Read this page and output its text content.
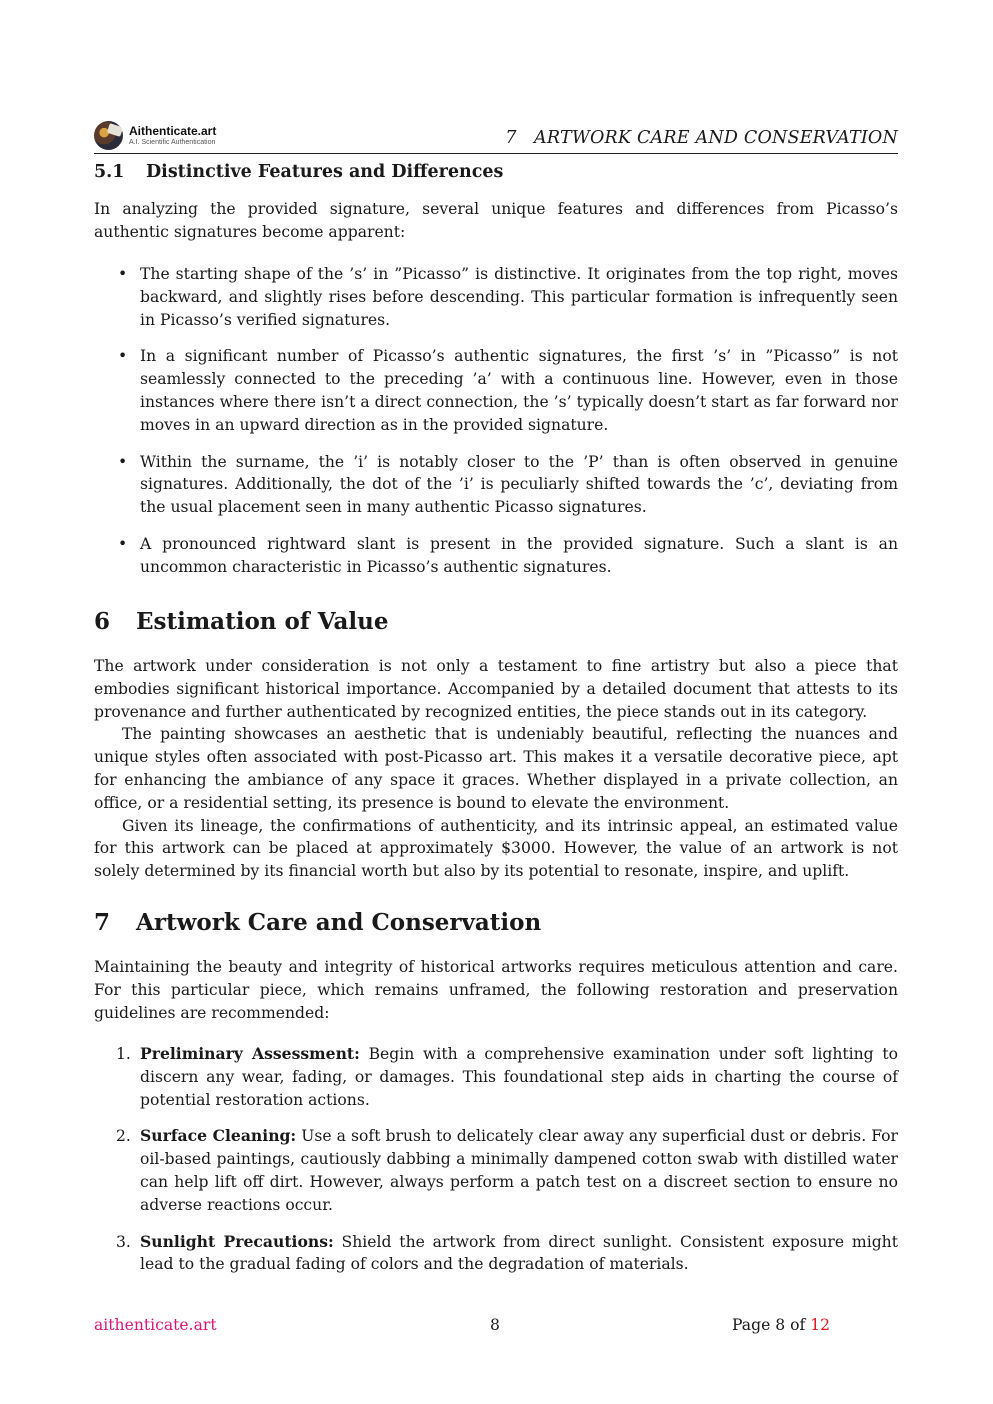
Aithenticate.art
A.I. Scientific Authentication	7   ARTWORK CARE AND CONSERVATION
5.1 Distinctive Features and Differences

In analyzing the provided signature, several unique features and differences from Picasso’s authentic signatures become apparent:

• The starting shape of the ’s’ in ”Picasso” is distinctive. It originates from the top right, moves backward, and slightly rises before descending. This particular formation is infrequently seen in Picasso’s verified signatures.
• In a significant number of Picasso’s authentic signatures, the first ’s’ in ”Picasso” is not seamlessly connected to the preceding ’a’ with a continuous line. However, even in those instances where there isn’t a direct connection, the ’s’ typically doesn’t start as far forward nor moves in an upward direction as in the provided signature.
• Within the surname, the ’i’ is notably closer to the ’P’ than is often observed in genuine signatures. Additionally, the dot of the ’i’ is peculiarly shifted towards the ’c’, deviating from the usual placement seen in many authentic Picasso signatures.
• A pronounced rightward slant is present in the provided signature. Such a slant is an uncommon characteristic in Picasso’s authentic signatures.
6 Estimation of Value

The artwork under consideration is not only a testament to fine artistry but also a piece that embodies significant historical importance. Accompanied by a detailed document that attests to its provenance and further authenticated by recognized entities, the piece stands out in its category.

The painting showcases an aesthetic that is undeniably beautiful, reflecting the nuances and unique styles often associated with post-Picasso art. This makes it a versatile decorative piece, apt for enhancing the ambiance of any space it graces. Whether displayed in a private collection, an office, or a residential setting, its presence is bound to elevate the environment.

Given its lineage, the confirmations of authenticity, and its intrinsic appeal, an estimated value for this artwork can be placed at approximately $3000. However, the value of an artwork is not solely determined by its financial worth but also by its potential to resonate, inspire, and uplift.

7 Artwork Care and Conservation

Maintaining the beauty and integrity of historical artworks requires meticulous attention and care. For this particular piece, which remains unframed, the following restoration and preservation guidelines are recommended:

1. Preliminary Assessment: Begin with a comprehensive examination under soft lighting to discern any wear, fading, or damages. This foundational step aids in charting the course of potential restoration actions.
2. Surface Cleaning: Use a soft brush to delicately clear away any superficial dust or debris. For oil-based paintings, cautiously dabbing a minimally dampened cotton swab with distilled water can help lift off dirt. However, always perform a patch test on a discreet section to ensure no adverse reactions occur.
3. Sunlight Precautions: Shield the artwork from direct sunlight. Consistent exposure might lead to the gradual fading of colors and the degradation of materials.
aithenticate.art	8	Page 8 of 12
